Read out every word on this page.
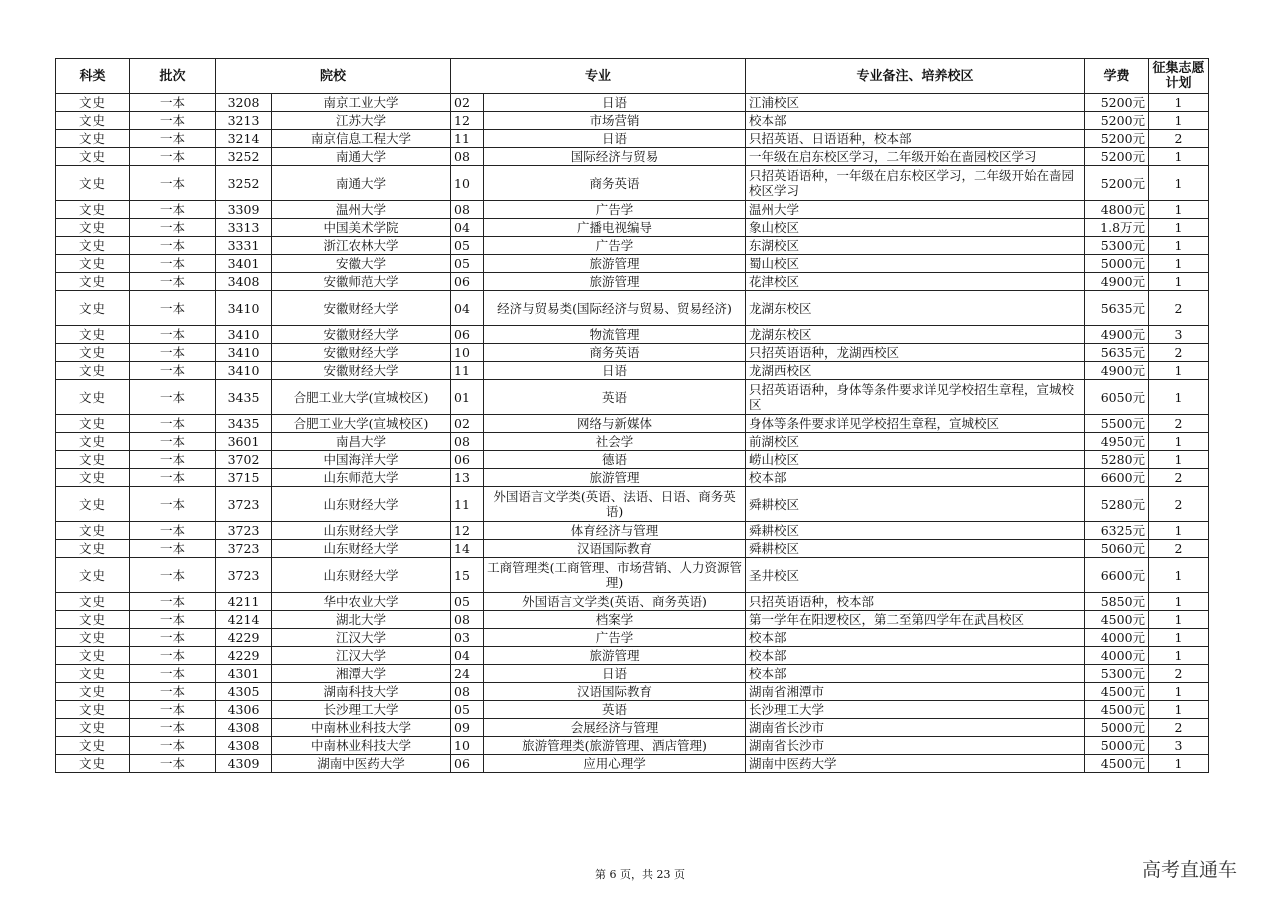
科类	批次	院校		专业		专业备注、培养校区	学费	征集志愿计划
文史	一本	3208	南京工业大学	02	日语	江浦校区	5200元	1
文史	一本	3213	江苏大学	12	市场营销	校本部	5200元	1
文史	一本	3214	南京信息工程大学	11	日语	只招英语、日语语种，校本部	5200元	2
文史	一本	3252	南通大学	08	国际经济与贸易	一年级在启东校区学习，二年级开始在啬园校区学习	5200元	1
文史	一本	3252	南通大学	10	商务英语	只招英语语种，一年级在启东校区学习，二年级开始在啬园校区学习	5200元	1
文史	一本	3309	温州大学	08	广告学	温州大学	4800元	1
文史	一本	3313	中国美术学院	04	广播电视编导	象山校区	1.8万元	1
文史	一本	3331	浙江农林大学	05	广告学	东湖校区	5300元	1
文史	一本	3401	安徽大学	05	旅游管理	蜀山校区	5000元	1
文史	一本	3408	安徽师范大学	06	旅游管理	花津校区	4900元	1
文史	一本	3410	安徽财经大学	04	经济与贸易类(国际经济与贸易、贸易经济)	龙湖东校区	5635元	2
文史	一本	3410	安徽财经大学	06	物流管理	龙湖东校区	4900元	3
文史	一本	3410	安徽财经大学	10	商务英语	只招英语语种，龙湖西校区	5635元	2
文史	一本	3410	安徽财经大学	11	日语	龙湖西校区	4900元	1
文史	一本	3435	合肥工业大学(宣城校区)	01	英语	只招英语语种，身体等条件要求详见学校招生章程，宣城校区	6050元	1
文史	一本	3435	合肥工业大学(宣城校区)	02	网络与新媒体	身体等条件要求详见学校招生章程，宣城校区	5500元	2
文史	一本	3601	南昌大学	08	社会学	前湖校区	4950元	1
文史	一本	3702	中国海洋大学	06	德语	崂山校区	5280元	1
文史	一本	3715	山东师范大学	13	旅游管理	校本部	6600元	2
文史	一本	3723	山东财经大学	11	外国语言文学类(英语、法语、日语、商务英语)	舜耕校区	5280元	2
文史	一本	3723	山东财经大学	12	体育经济与管理	舜耕校区	6325元	1
文史	一本	3723	山东财经大学	14	汉语国际教育	舜耕校区	5060元	2
文史	一本	3723	山东财经大学	15	工商管理类(工商管理、市场营销、人力资源管理)	圣井校区	6600元	1
文史	一本	4211	华中农业大学	05	外国语言文学类(英语、商务英语)	只招英语语种，校本部	5850元	1
文史	一本	4214	湖北大学	08	档案学	第一学年在阳逻校区，第二至第四学年在武昌校区	4500元	1
文史	一本	4229	江汉大学	03	广告学	校本部	4000元	1
文史	一本	4229	江汉大学	04	旅游管理	校本部	4000元	1
文史	一本	4301	湘潭大学	24	日语	校本部	5300元	2
文史	一本	4305	湖南科技大学	08	汉语国际教育	湖南省湘潭市	4500元	1
文史	一本	4306	长沙理工大学	05	英语	长沙理工大学	4500元	1
文史	一本	4308	中南林业科技大学	09	会展经济与管理	湖南省长沙市	5000元	2
文史	一本	4308	中南林业科技大学	10	旅游管理类(旅游管理、酒店管理)	湖南省长沙市	5000元	3
文史	一本	4309	湖南中医药大学	06	应用心理学	湖南中医药大学	4500元	1
第 6 页，共 23 页	高考直通车
